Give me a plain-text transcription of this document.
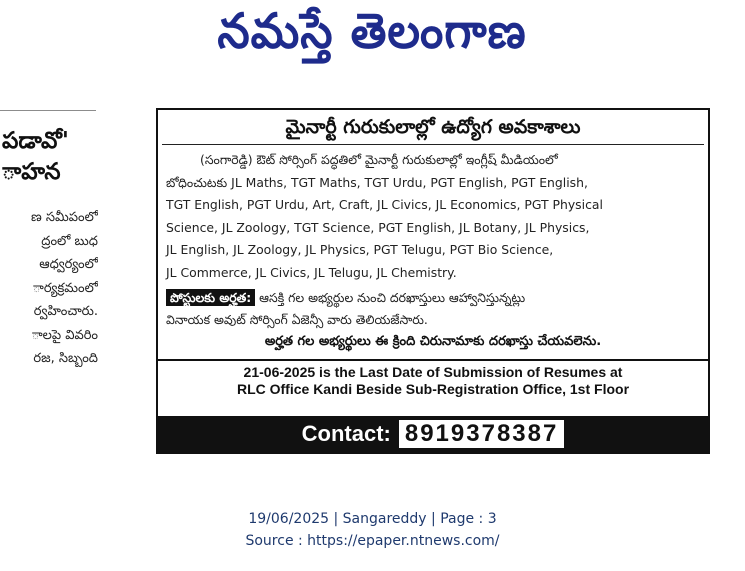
నమస్తే తెలంగాణ
పడావో'
ాహన
ణ సమీపంలో
ద్రంలో బుధ
ఆధ్వర్యంలో
ార్యక్రమంలో
ర్వహించారు.
ాలపై వివరిం
రజ, సిబ్బంది
మైనార్టీ గురుకులాల్లో ఉద్యోగ అవకాశాలు
(సంగారెడ్డి) ఔట్ సోర్సింగ్ పద్ధతిలో మైనార్టీ గురుకులాల్లో ఇంగ్లీష్ మీడియంలో
బోధించుటకు JL Maths, TGT Maths, TGT Urdu, PGT English, PGT English,
TGT English, PGT Urdu, Art, Craft, JL Civics, JL Economics, PGT Physical
Science, JL Zoology, TGT Science, PGT English, JL Botany, JL Physics,
JL English, JL Zoology, JL Physics, PGT Telugu, PGT Bio Science,
JL Commerce, JL Civics, JL Telugu, JL Chemistry.
పోస్టులకు అర్హత: ఆసక్తి గల అభ్యర్థుల నుంచి దరఖాస్తులు ఆహ్వానిస్తున్నట్లు
వినాయక అవుట్ సోర్సింగ్ ఏజెన్సీ వారు తెలియజేసారు.
అర్హత గల అభ్యర్థులు ఈ క్రింది చిరునామాకు దరఖాస్తు చేయవలెను.
21-06-2025 is the Last Date of Submission of Resumes at
RLC Office Kandi Beside Sub-Registration Office, 1st Floor
Contact: 8919378387
19/06/2025 | Sangareddy | Page : 3
Source : https://epaper.ntnews.com/
